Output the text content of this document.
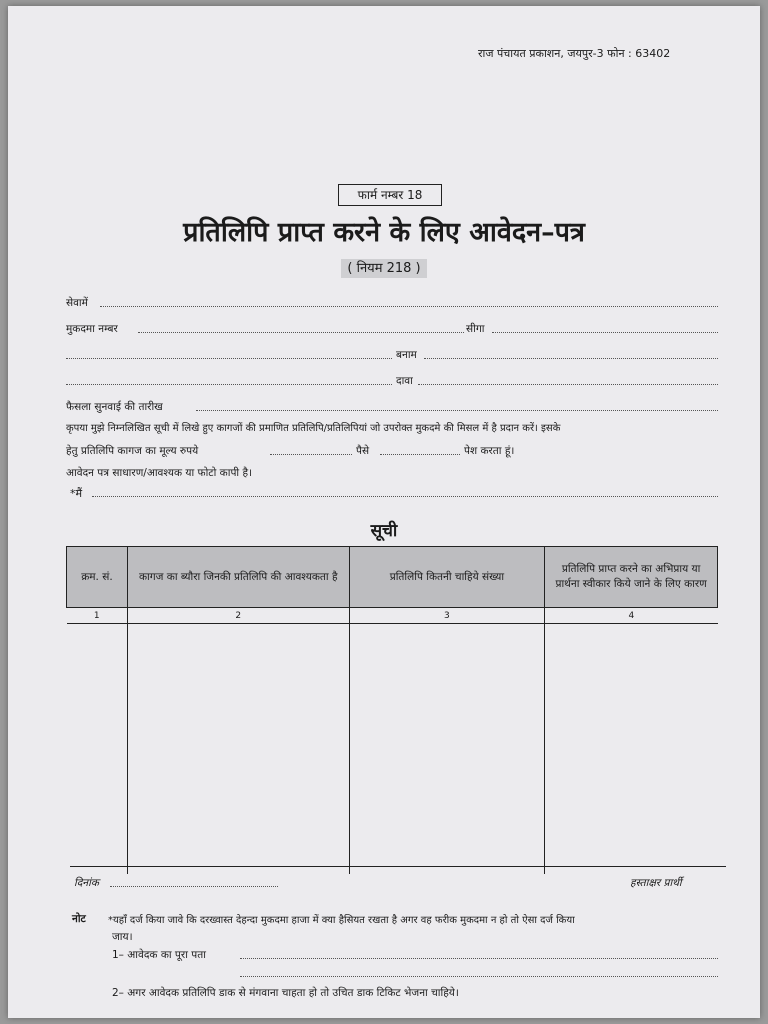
राज पंचायत प्रकाशन, जयपुर-3 फोन : 63402
फार्म नम्बर 18
प्रतिलिपि प्राप्त करने के लिए आवेदन–पत्र
( नियम 218 )
सेवामें
मुकदमा नम्बर	सीगा
बनाम
दावा
फैसला सुनवाई की तारीख
कृपया मुझे निम्नलिखित सूची में लिखे हुए कागजों की प्रमाणित प्रतिलिपि/प्रतिलिपियां जो उपरोक्त मुकदमे की मिसल में है प्रदान करें। इसके
हेतु प्रतिलिपि कागज का मूल्य रुपये	पैसे	पेश करता हूं।
आवेदन पत्र साधारण/आवश्यक या फोटो कापी है।
*मैं
सूची
क्रम. सं.	कागज का ब्यौरा जिनकी प्रतिलिपि की आवश्यकता है	प्रतिलिपि कितनी चाहिये संख्या	प्रतिलिपि प्राप्त करने का अभिप्राय या प्रार्थना स्वीकार किये जाने के लिए कारण
1	2	3	4

दिनांक	हस्ताक्षर प्रार्थी
नोट *यहाँ दर्ज किया जावे कि दरख्वास्त देहन्दा मुकदमा हाजा में क्या हैसियत रखता है अगर वह फरीक मुकदमा न हो तो ऐसा दर्ज किया
जाय।
1– आवेदक का पूरा पता
2– अगर आवेदक प्रतिलिपि डाक से मंगवाना चाहता हो तो उचित डाक टिकिट भेजना चाहिये।
